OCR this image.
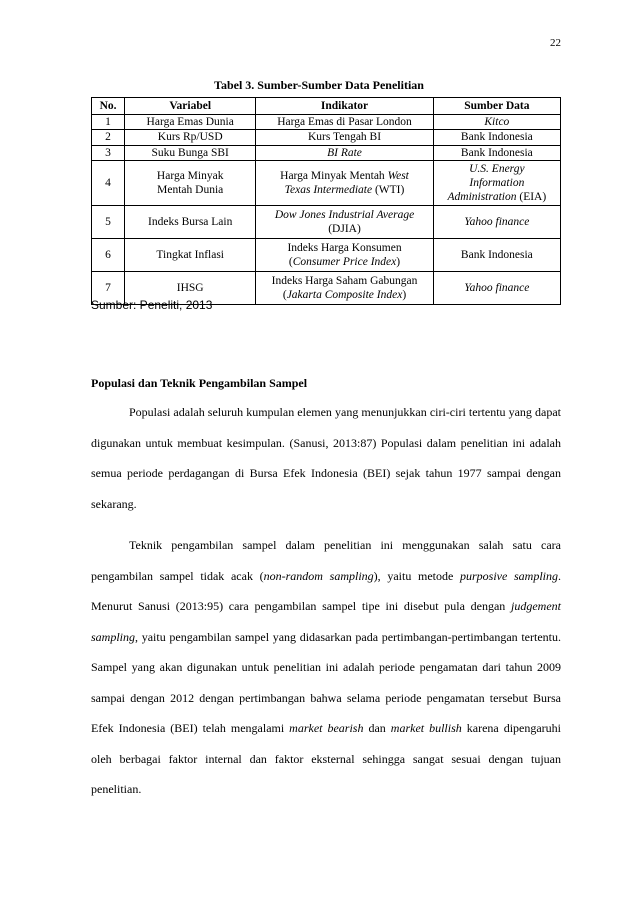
22
Tabel 3. Sumber-Sumber Data Penelitian
No.	Variabel	Indikator	Sumber Data
1	Harga Emas Dunia	Harga Emas di Pasar London	Kitco
2	Kurs Rp/USD	Kurs Tengah BI	Bank Indonesia
3	Suku Bunga SBI	BI Rate	Bank Indonesia
4	Harga Minyak
Mentah Dunia	Harga Minyak Mentah West
Texas Intermediate (WTI)	U.S. Energy
Information
Administration (EIA)
5	Indeks Bursa Lain	Dow Jones Industrial Average
(DJIA)	Yahoo finance
6	Tingkat Inflasi	Indeks Harga Konsumen
(Consumer Price Index)	Bank Indonesia
7	IHSG	Indeks Harga Saham Gabungan
(Jakarta Composite Index)	Yahoo finance
Sumber: Peneliti, 2013
Populasi dan Teknik Pengambilan Sampel

Populasi adalah seluruh kumpulan elemen yang menunjukkan ciri-ciri tertentu yang dapat digunakan untuk membuat kesimpulan. (Sanusi, 2013:87) Populasi dalam penelitian ini adalah semua periode perdagangan di Bursa Efek Indonesia (BEI) sejak tahun 1977 sampai dengan sekarang.

Teknik pengambilan sampel dalam penelitian ini menggunakan salah satu cara pengambilan sampel tidak acak (non-random sampling), yaitu metode purposive sampling. Menurut Sanusi (2013:95) cara pengambilan sampel tipe ini disebut pula dengan judgement sampling, yaitu pengambilan sampel yang didasarkan pada pertimbangan-pertimbangan tertentu. Sampel yang akan digunakan untuk penelitian ini adalah periode pengamatan dari tahun 2009 sampai dengan 2012 dengan pertimbangan bahwa selama periode pengamatan tersebut Bursa Efek Indonesia (BEI) telah mengalami market bearish dan market bullish karena dipengaruhi oleh berbagai faktor internal dan faktor eksternal sehingga sangat sesuai dengan tujuan penelitian.
